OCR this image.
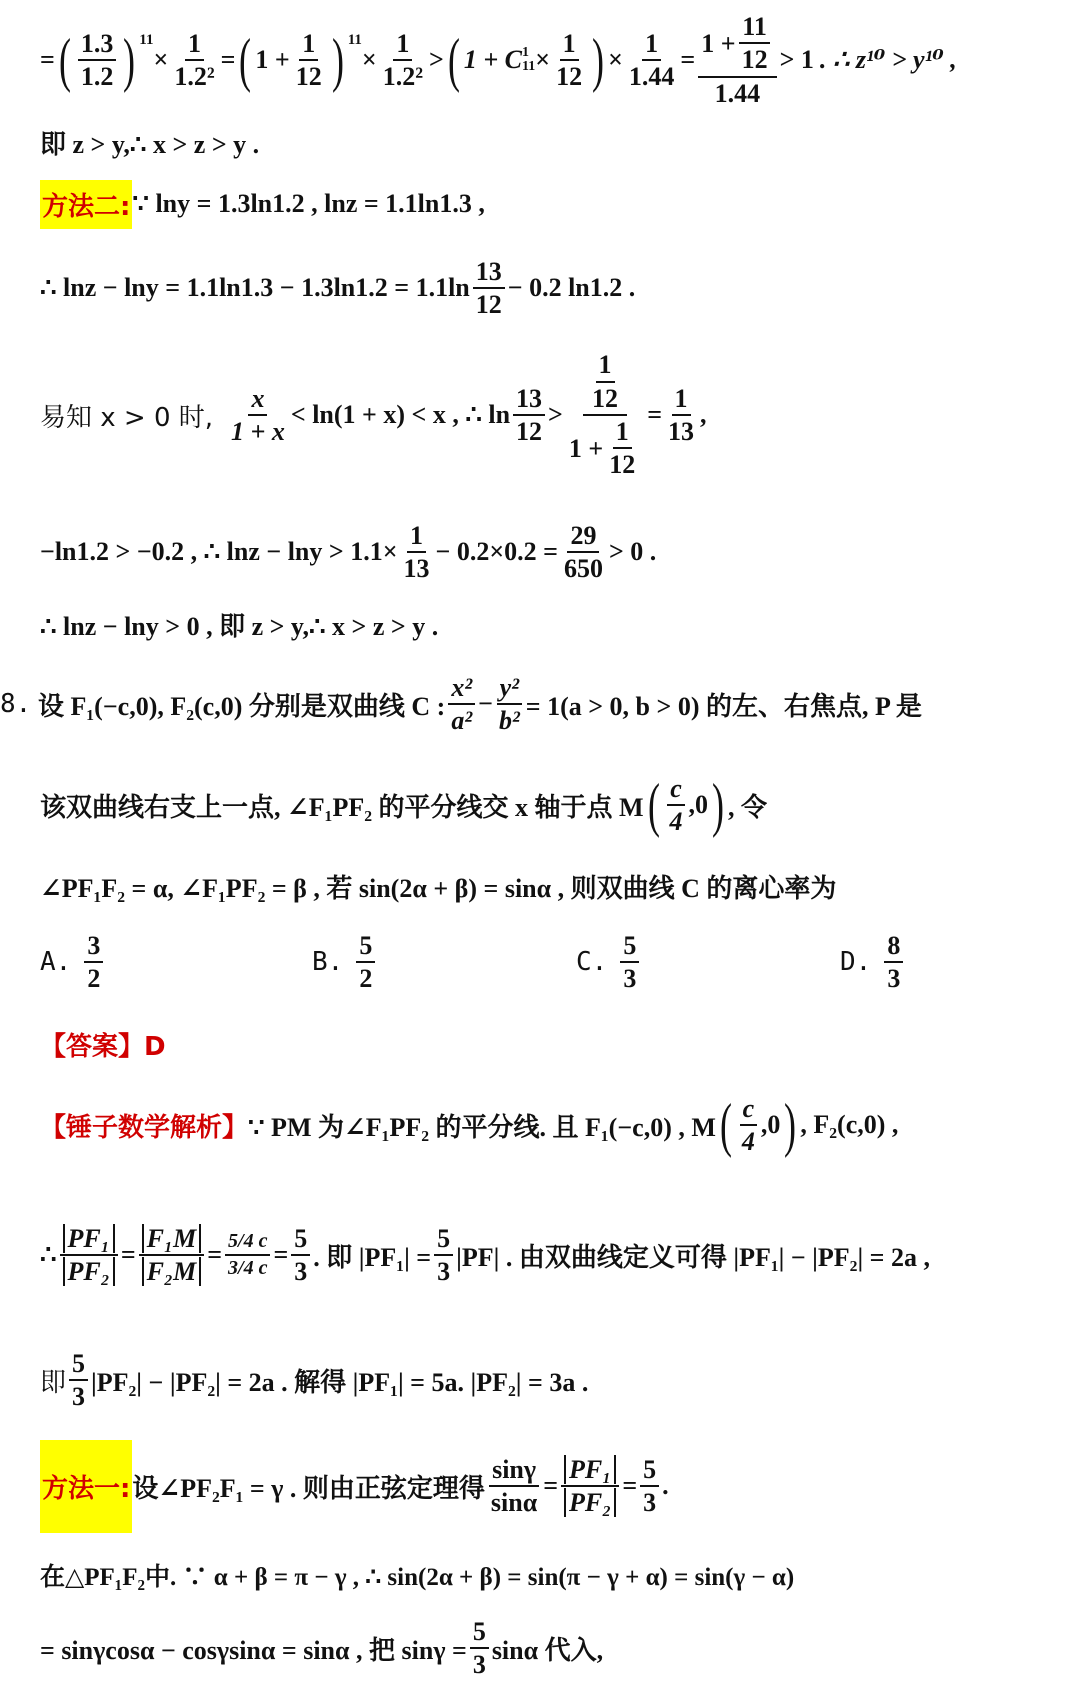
= ( $\frac{1.3}{1.2}$ ) 11
× $\frac{1}{\text{1.2²}}$ = ( $1 + \frac{1}{12}$ ) 11
× $\frac{1}{\text{1.2²}}$ > ( 1 + C 1
$11 \times \frac{1}{12}$ ) × $\frac{1}{1.44} = \frac{1 + \frac{11}{12}}{1.44} > 1$ . ∴ z¹⁰ > y¹⁰ ,
即 z > y,∴ x > z > y .
方法二: ∵ lny = 1.3ln1.2 , lnz = 1.1ln1.3 ,
∴ $\ln z - \ln y = 1.1\ln 1.3 - 1.3\ln 1.2 = 1.1\ln \frac{13}{12} - 0.2$ ln1.2 .
易知 x > 0 时, $\frac{x}{1 + x} < \ln(1 + x) < x$ , ∴ $\ln \frac{13}{12} > \frac{\frac{1}{12}}{1 + \frac{1}{12}} = \frac{1}{13}$ ,
−ln1.2 > −0.2 , ∴ $\ln z - \ln y > 1.1\times \frac{1}{13} - 0.2\times 0.2 = \frac{29}{650} > 0$ .
∴ lnz − lny > 0 , 即 z > y,∴ x > z > y .
8. 设 F₁(−c,0), F₂(c,0) 分别是双曲线 C : $\frac{\text{x²}}{\text{a²}} - \frac{\text{y²}}{\text{b²}} = 1(a > 0$, b > 0) 的左、右焦点, P 是
该双曲线右支上一点, ∠F₁PF₂ 的平分线交 x 轴于点 M ( $\frac{c}{4} ,0$ ) , 令
∠PF₁F₂ = α, ∠F₁PF₂ = β , 若 sin(2α + β) = sinα , 则双曲线 C 的离心率为
A. $\frac{3}{2}$	B. $\frac{5}{2}$	C. $\frac{5}{3}$	D. $\frac{8}{3}$
【答案】D
【锤子数学解析】 ∵ PM 为∠F₁PF₂ 的平分线. 且 F₁(−c,0) , M ( $\frac{c}{4} ,0$ ) , F₂(c,0) ,
∴ $\frac{\text{PF₁}}{\text{PF₂}} = \frac{\text{F₁M}}{\text{F₂M}} = \frac{5/4 c}{3/4 c} = \frac{5}{3}$ . 即 $|PF_1| = \frac{5}{3} |PF|$ . 由双曲线定义可得 |PF₁| − |PF₂| = 2a ,
即 $\frac{5}{3} |PF_2| - |PF_2| = 2a$ . 解得 |PF₁| = 5a. |PF₂| = 3a .
方法一: 设∠PF₂F₁ = γ . 则由正弦定理得 $\frac{\sin\gamma}{\sin\alpha} = \frac{\text{PF₁}}{\text{PF₂}} = \frac{5}{3}$ .
在△PF₁F₂中. ∵ α + β = π − γ , ∴ sin(2α + β) = sin(π − γ + α) = sin(γ − α)
= sinγcosα − cosγsinα = sinα , 把 $\sin\gamma = \frac{5}{3}$ sinα 代入,
